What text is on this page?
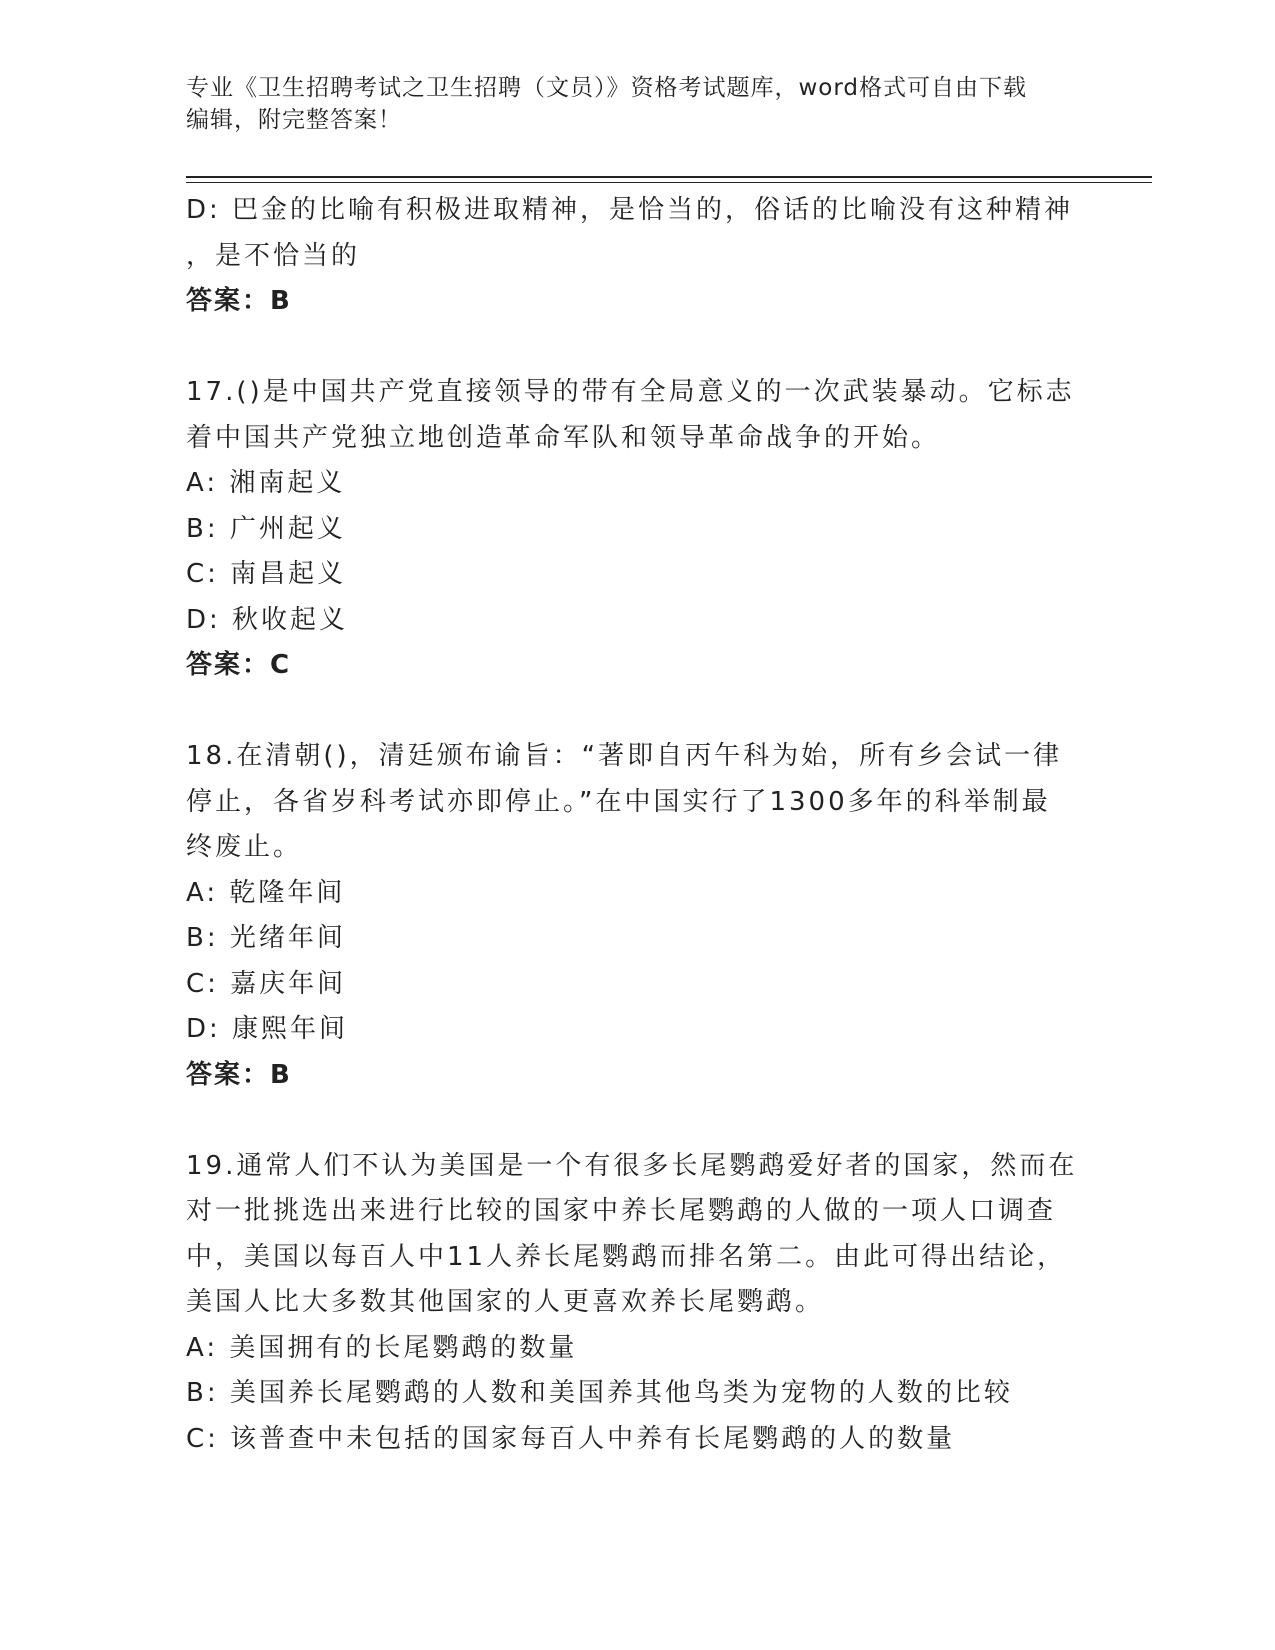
专业《卫生招聘考试之卫生招聘（文员）》资格考试题库，word格式可自由下载
编辑，附完整答案！
D: 巴金的比喻有积极进取精神，是恰当的，俗话的比喻没有这种精神
，是不恰当的
答案：B
17.()是中国共产党直接领导的带有全局意义的一次武装暴动。它标志
着中国共产党独立地创造革命军队和领导革命战争的开始。
A: 湘南起义
B: 广州起义
C: 南昌起义
D: 秋收起义
答案：C
18.在清朝()，清廷颁布谕旨：“著即自丙午科为始，所有乡会试一律
停止，各省岁科考试亦即停止。”在中国实行了1300多年的科举制最
终废止。
A: 乾隆年间
B: 光绪年间
C: 嘉庆年间
D: 康熙年间
答案：B
19.通常人们不认为美国是一个有很多长尾鹦鹉爱好者的国家，然而在
对一批挑选出来进行比较的国家中养长尾鹦鹉的人做的一项人口调查
中，美国以每百人中11人养长尾鹦鹉而排名第二。由此可得出结论，
美国人比大多数其他国家的人更喜欢养长尾鹦鹉。
A: 美国拥有的长尾鹦鹉的数量
B: 美国养长尾鹦鹉的人数和美国养其他鸟类为宠物的人数的比较
C: 该普查中未包括的国家每百人中养有长尾鹦鹉的人的数量
